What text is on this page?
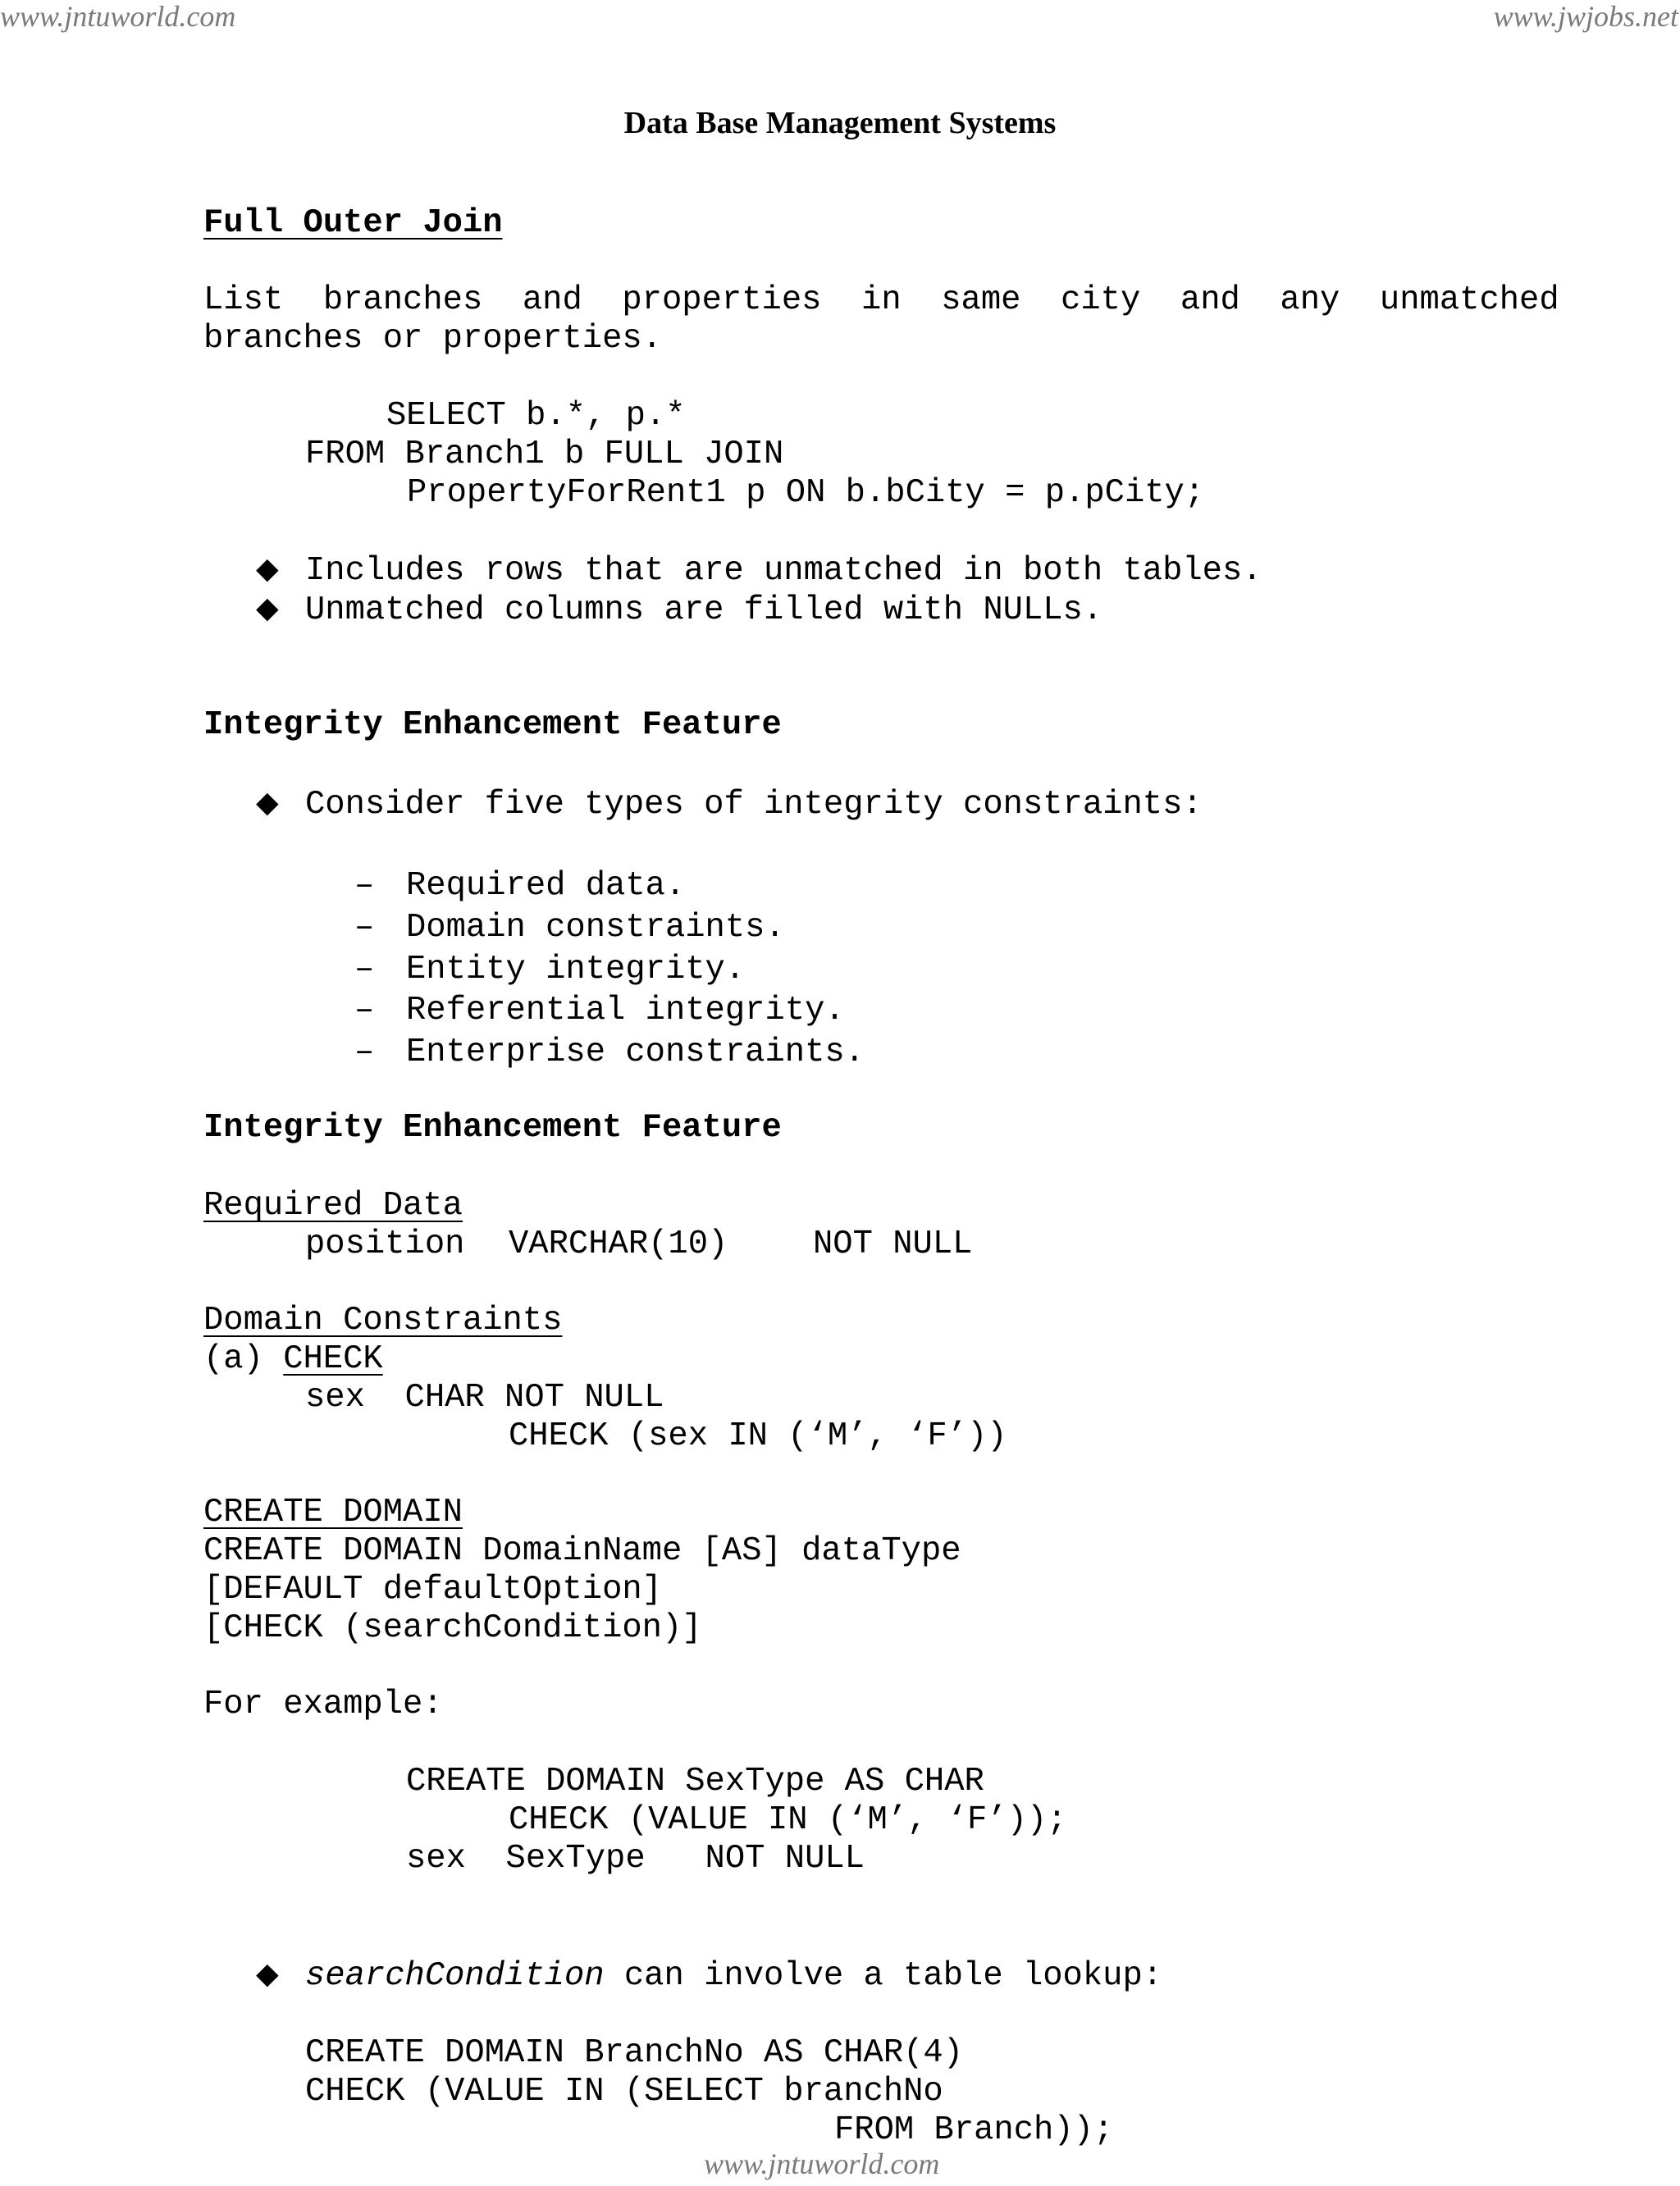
www.jntuworld.com	www.jwjobs.net
www.jntuworld.com
Data Base Management Systems
Full Outer Join
List  branches  and  properties  in  same  city  and  any  unmatched
branches or properties.
SELECT b.*, p.*
FROM Branch1 b FULL JOIN
PropertyForRent1 p ON b.bCity = p.pCity;
◆ Includes rows that are unmatched in both tables.
◆ Unmatched columns are filled with NULLs.
Integrity Enhancement Feature
◆ Consider five types of integrity constraints:
– Required data.
– Domain constraints.
– Entity integrity.
– Referential integrity.
– Enterprise constraints.
Integrity Enhancement Feature
Required Data
position VARCHAR(10)	NOT NULL
Domain Constraints
(a) CHECK
sex  CHAR NOT NULL
CHECK (sex IN (‘M’, ‘F’))
CREATE DOMAIN
CREATE DOMAIN DomainName [AS] dataType
[DEFAULT defaultOption]
[CHECK (searchCondition)]
For example:
CREATE DOMAIN SexType AS CHAR
CHECK (VALUE IN (‘M’, ‘F’));
sex  SexType   NOT NULL
◆ searchCondition can involve a table lookup:
CREATE DOMAIN BranchNo AS CHAR(4)
CHECK (VALUE IN (SELECT branchNo
FROM Branch));
